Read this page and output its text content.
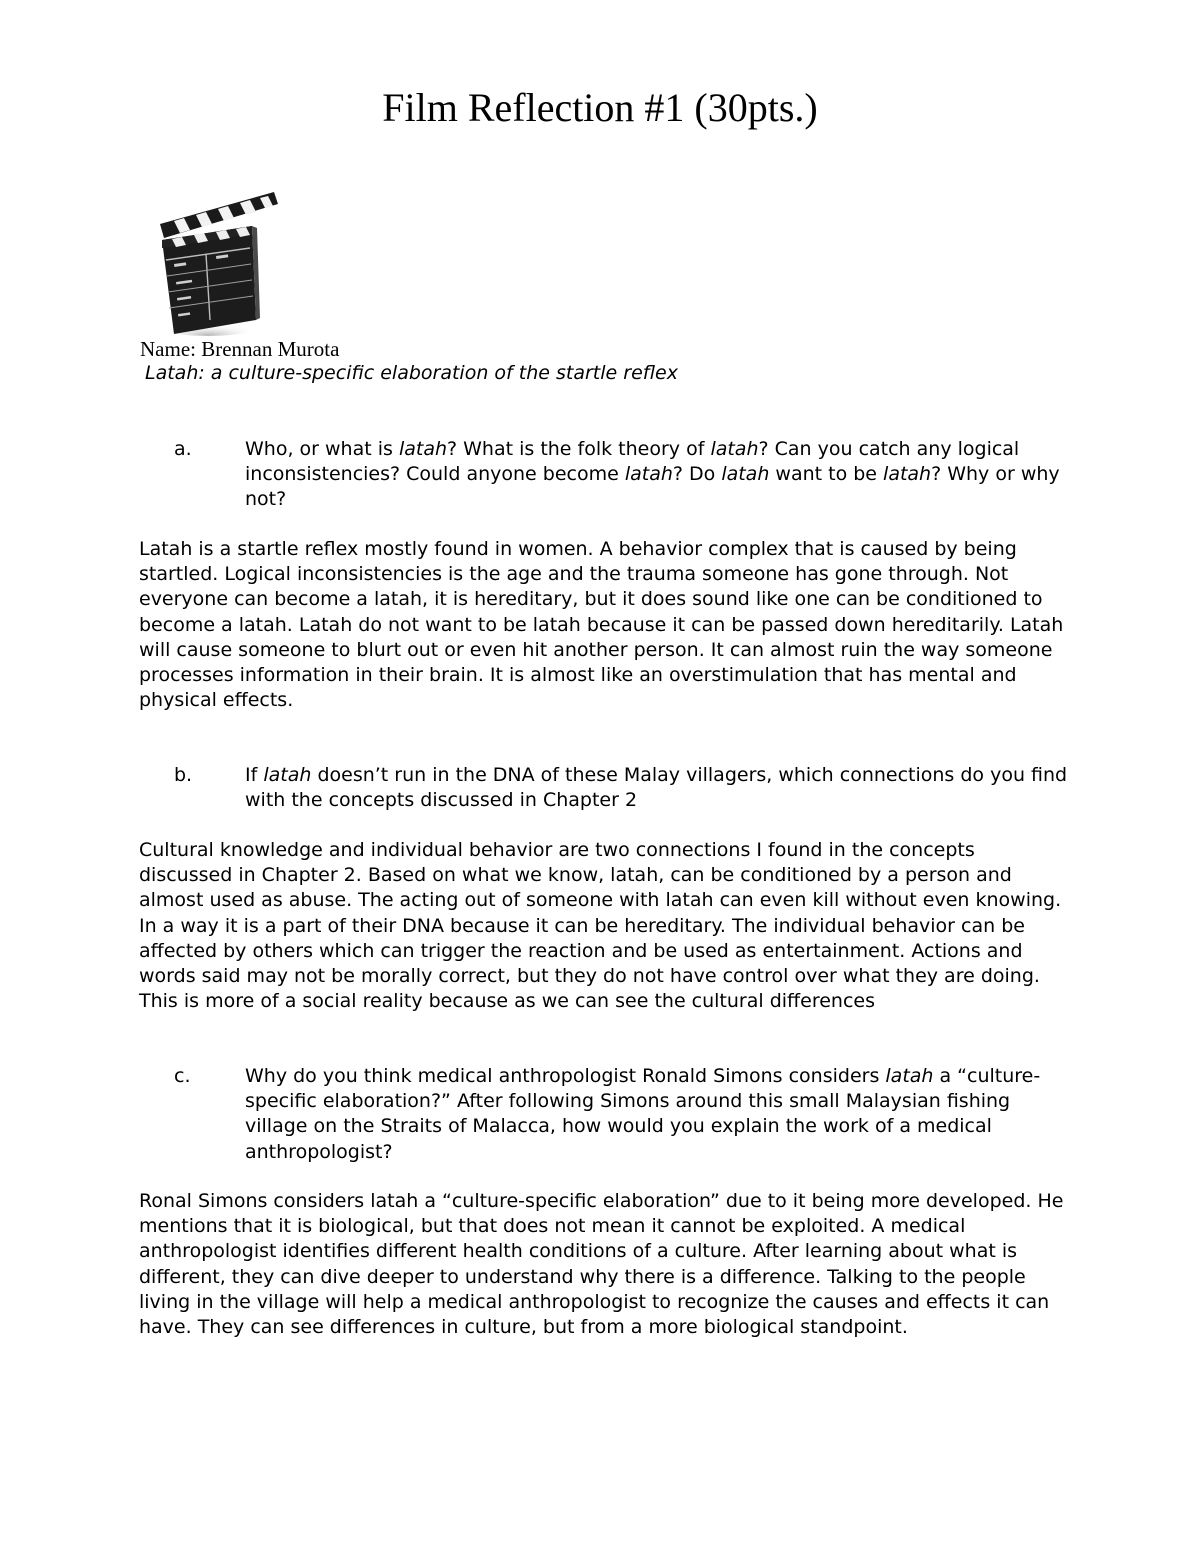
Film Reflection #1 (30pts.)
Name: Brennan Murota
Latah: a culture-specific elaboration of the startle reflex
a.	Who, or what is latah? What is the folk theory of latah? Can you catch any logical inconsistencies? Could anyone become latah? Do latah want to be latah? Why or why not?

Latah is a startle reflex mostly found in women. A behavior complex that is caused by being startled. Logical inconsistencies is the age and the trauma someone has gone through. Not everyone can become a latah, it is hereditary, but it does sound like one can be conditioned to become a latah. Latah do not want to be latah because it can be passed down hereditarily. Latah will cause someone to blurt out or even hit another person. It can almost ruin the way someone processes information in their brain. It is almost like an overstimulation that has mental and physical effects.

b.	If latah doesn’t run in the DNA of these Malay villagers, which connections do you find with the concepts discussed in Chapter 2

Cultural knowledge and individual behavior are two connections I found in the concepts discussed in Chapter 2. Based on what we know, latah, can be conditioned by a person and almost used as abuse. The acting out of someone with latah can even kill without even knowing. In a way it is a part of their DNA because it can be hereditary. The individual behavior can be affected by others which can trigger the reaction and be used as entertainment. Actions and words said may not be morally correct, but they do not have control over what they are doing. This is more of a social reality because as we can see the cultural differences

c.	Why do you think medical anthropologist Ronald Simons considers latah a “culture-specific elaboration?” After following Simons around this small Malaysian fishing village on the Straits of Malacca, how would you explain the work of a medical anthropologist?

Ronal Simons considers latah a “culture-specific elaboration” due to it being more developed. He mentions that it is biological, but that does not mean it cannot be exploited. A medical anthropologist identifies different health conditions of a culture. After learning about what is different, they can dive deeper to understand why there is a difference. Talking to the people living in the village will help a medical anthropologist to recognize the causes and effects it can have. They can see differences in culture, but from a more biological standpoint.
